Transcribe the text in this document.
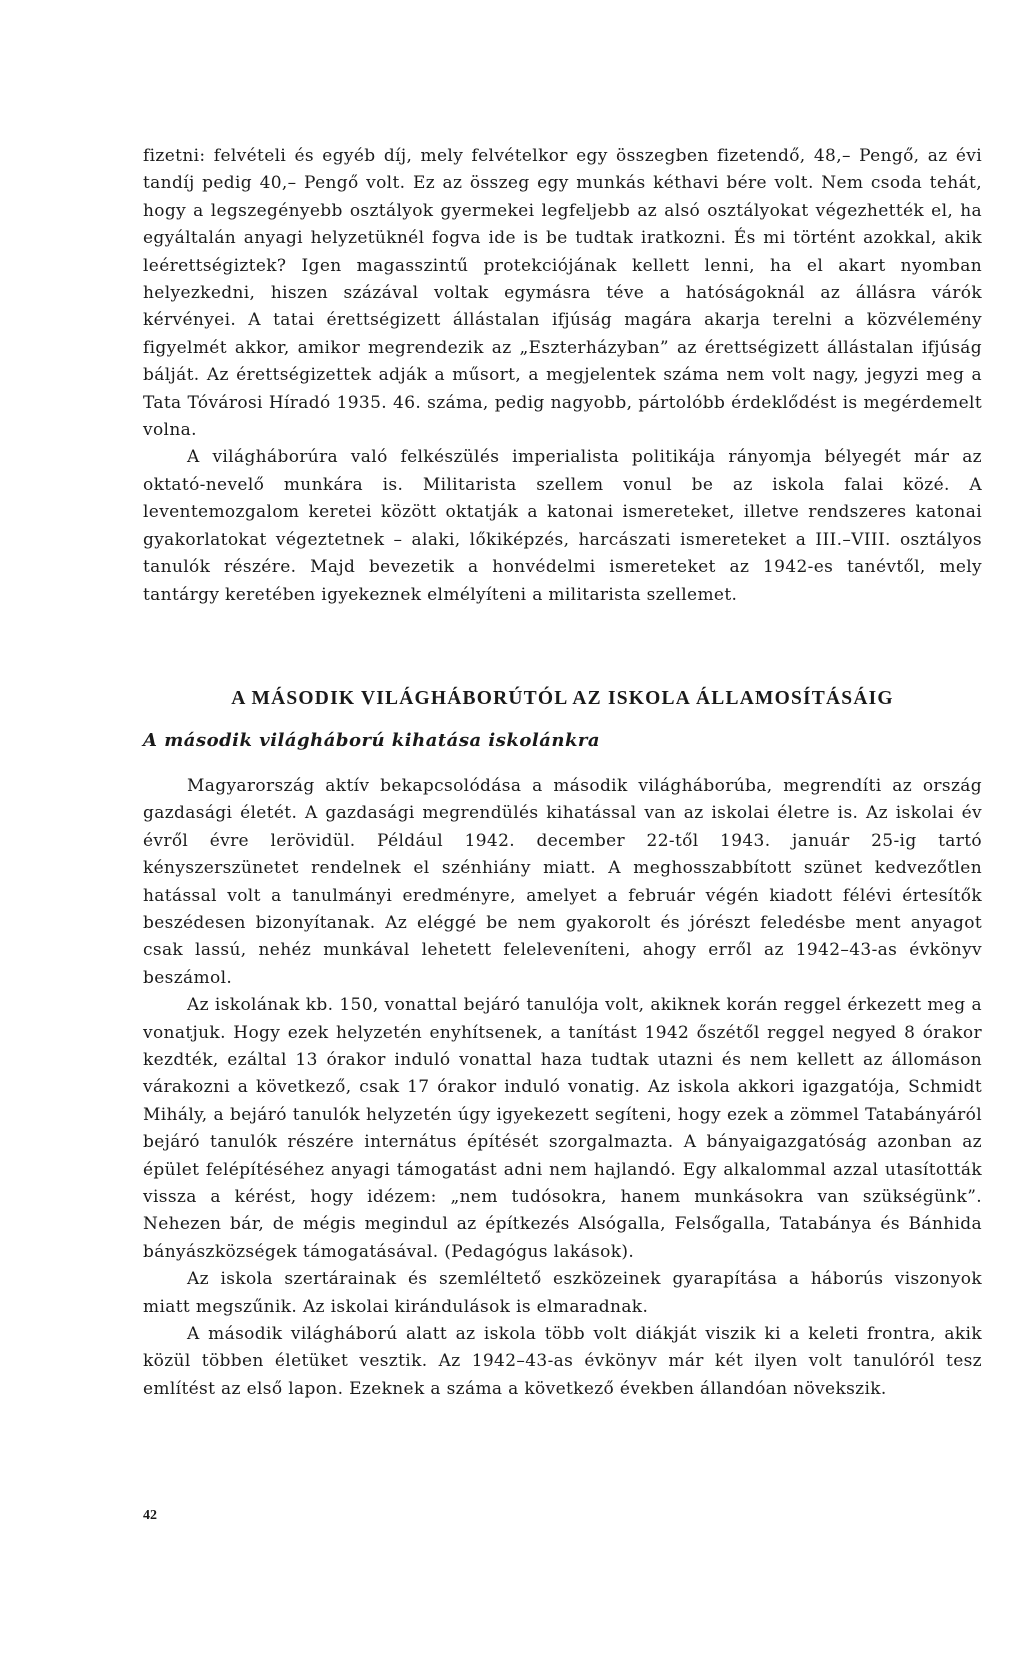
fizetni: felvételi és egyéb díj, mely felvételkor egy összegben fizetendő, 48,– Pengő, az évi tandíj pedig 40,– Pengő volt. Ez az összeg egy munkás kéthavi bére volt. Nem csoda tehát, hogy a legszegényebb osztályok gyermekei legfeljebb az alsó osztályokat végezhették el, ha egyáltalán anyagi helyzetüknél fogva ide is be tudtak iratkozni. És mi történt azokkal, akik leérettségiztek? Igen magasszintű protekciójának kellett lenni, ha el akart nyomban helyezkedni, hiszen százával voltak egymásra téve a hatóságoknál az állásra várók kérvényei. A tatai érettségizett állástalan ifjúság magára akarja terelni a közvélemény figyelmét akkor, amikor megrendezik az „Eszterházyban” az érettségizett állástalan ifjúság bálját. Az érettségizettek adják a műsort, a megjelentek száma nem volt nagy, jegyzi meg a Tata Tóvárosi Híradó 1935. 46. száma, pedig nagyobb, pártolóbb érdeklődést is megérdemelt volna.

A világháborúra való felkészülés imperialista politikája rányomja bélyegét már az oktató-nevelő munkára is. Militarista szellem vonul be az iskola falai közé. A leventemozgalom keretei között oktatják a katonai ismereteket, illetve rendszeres katonai gyakorlatokat végeztetnek – alaki, lőkiképzés, harcászati ismereteket a III.–VIII. osztályos tanulók részére. Majd bevezetik a honvédelmi ismereteket az 1942-es tanévtől, mely tantárgy keretében igyekeznek elmélyíteni a militarista szellemet.

A MÁSODIK VILÁGHÁBORÚTÓL AZ ISKOLA ÁLLAMOSÍTÁSÁIG
A második világháború kihatása iskolánkra

Magyarország aktív bekapcsolódása a második világháborúba, megrendíti az ország gazdasági életét. A gazdasági megrendülés kihatással van az iskolai életre is. Az iskolai év évről évre lerövidül. Például 1942. december 22-től 1943. január 25-ig tartó kényszerszünetet rendelnek el szénhiány miatt. A meghosszabbított szünet kedvezőtlen hatással volt a tanulmányi eredményre, amelyet a február végén kiadott félévi értesítők beszédesen bizonyítanak. Az eléggé be nem gyakorolt és jórészt feledésbe ment anyagot csak lassú, nehéz munkával lehetett feleleveníteni, ahogy erről az 1942–43-as évkönyv beszámol.

Az iskolának kb. 150, vonattal bejáró tanulója volt, akiknek korán reggel érkezett meg a vonatjuk. Hogy ezek helyzetén enyhítsenek, a tanítást 1942 őszétől reggel negyed 8 órakor kezdték, ezáltal 13 órakor induló vonattal haza tudtak utazni és nem kellett az állomáson várakozni a következő, csak 17 órakor induló vonatig. Az iskola akkori igazgatója, Schmidt Mihály, a bejáró tanulók helyzetén úgy igyekezett segíteni, hogy ezek a zömmel Tatabányáról bejáró tanulók részére internátus építését szorgalmazta. A bányaigazgatóság azonban az épület felépítéséhez anyagi támogatást adni nem hajlandó. Egy alkalommal azzal utasították vissza a kérést, hogy idézem: „nem tudósokra, hanem munkásokra van szükségünk”. Nehezen bár, de mégis megindul az építkezés Alsógalla, Felsőgalla, Tatabánya és Bánhida bányászközségek támogatásával. (Pedagógus lakások).

Az iskola szertárainak és szemléltető eszközeinek gyarapítása a háborús viszonyok miatt megszűnik. Az iskolai kirándulások is elmaradnak.

A második világháború alatt az iskola több volt diákját viszik ki a keleti frontra, akik közül többen életüket vesztik. Az 1942–43-as évkönyv már két ilyen volt tanulóról tesz említést az első lapon. Ezeknek a száma a következő években állandóan növekszik.

42
